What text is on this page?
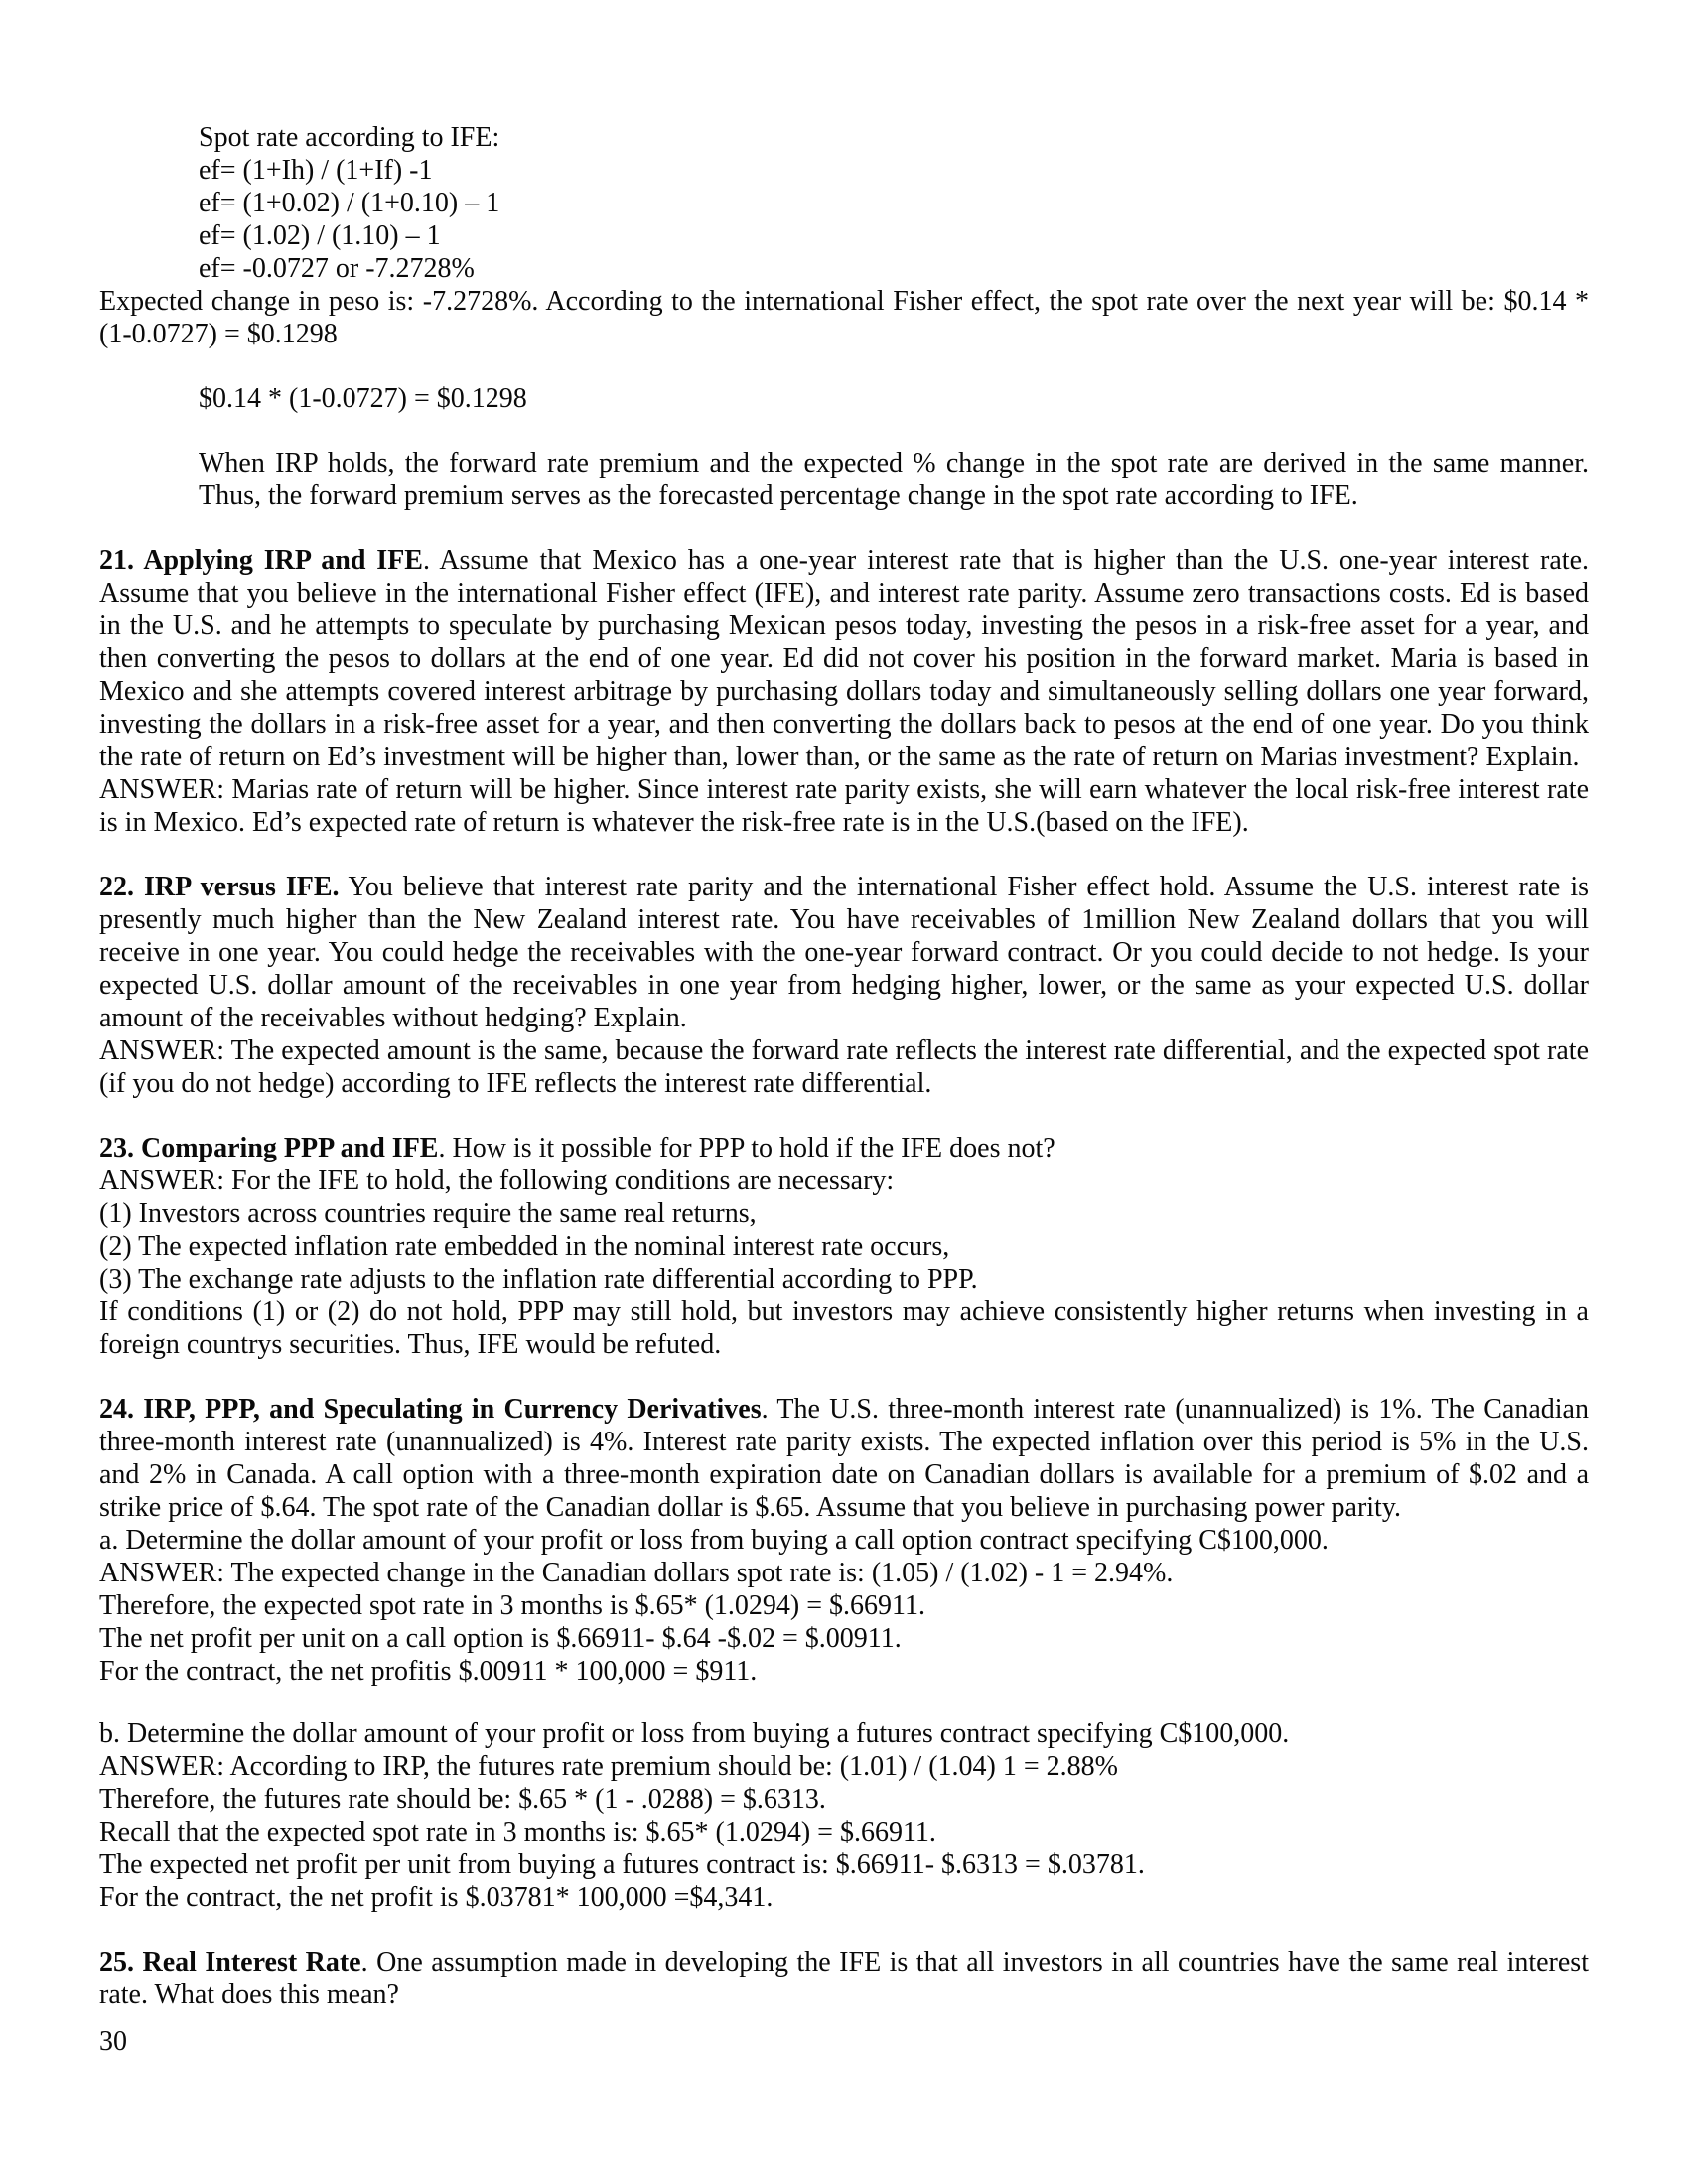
Spot rate according to IFE:
ef= (1+Ih) / (1+If) -1
ef= (1+0.02) / (1+0.10) – 1
ef= (1.02) / (1.10) – 1
ef= -0.0727 or -7.2728%

Expected change in peso is: -7.2728%. According to the international Fisher effect, the spot rate over the next year will be: $0.14 * (1-0.0727) = $0.1298

$0.14 * (1-0.0727) = $0.1298

When IRP holds, the forward rate premium and the expected % change in the spot rate are derived in the same manner. Thus, the forward premium serves as the forecasted percentage change in the spot rate according to IFE.

21. Applying IRP and IFE. Assume that Mexico has a one-year interest rate that is higher than the U.S. one-year interest rate. Assume that you believe in the international Fisher effect (IFE), and interest rate parity. Assume zero transactions costs. Ed is based in the U.S. and he attempts to speculate by purchasing Mexican pesos today, investing the pesos in a risk-free asset for a year, and then converting the pesos to dollars at the end of one year. Ed did not cover his position in the forward market. Maria is based in Mexico and she attempts covered interest arbitrage by purchasing dollars today and simultaneously selling dollars one year forward, investing the dollars in a risk-free asset for a year, and then converting the dollars back to pesos at the end of one year. Do you think the rate of return on Ed’s investment will be higher than, lower than, or the same as the rate of return on Marias investment? Explain.

ANSWER: Marias rate of return will be higher. Since interest rate parity exists, she will earn whatever the local risk-free interest rate is in Mexico. Ed’s expected rate of return is whatever the risk-free rate is in the U.S.(based on the IFE).

22. IRP versus IFE. You believe that interest rate parity and the international Fisher effect hold. Assume the U.S. interest rate is presently much higher than the New Zealand interest rate. You have receivables of 1million New Zealand dollars that you will receive in one year. You could hedge the receivables with the one-year forward contract. Or you could decide to not hedge. Is your expected U.S. dollar amount of the receivables in one year from hedging higher, lower, or the same as your expected U.S. dollar amount of the receivables without hedging? Explain.

ANSWER: The expected amount is the same, because the forward rate reflects the interest rate differential, and the expected spot rate (if you do not hedge) according to IFE reflects the interest rate differential.

23. Comparing PPP and IFE. How is it possible for PPP to hold if the IFE does not?

ANSWER: For the IFE to hold, the following conditions are necessary:

(1) Investors across countries require the same real returns,
(2) The expected inflation rate embedded in the nominal interest rate occurs,
(3) The exchange rate adjusts to the inflation rate differential according to PPP.

If conditions (1) or (2) do not hold, PPP may still hold, but investors may achieve consistently higher returns when investing in a foreign countrys securities. Thus, IFE would be refuted.

24. IRP, PPP, and Speculating in Currency Derivatives. The U.S. three-month interest rate (unannualized) is 1%. The Canadian three-month interest rate (unannualized) is 4%. Interest rate parity exists. The expected inflation over this period is 5% in the U.S. and 2% in Canada. A call option with a three-month expiration date on Canadian dollars is available for a premium of $.02 and a strike price of $.64. The spot rate of the Canadian dollar is $.65. Assume that you believe in purchasing power parity.

a. Determine the dollar amount of your profit or loss from buying a call option contract specifying C$100,000.

ANSWER: The expected change in the Canadian dollars spot rate is: (1.05) / (1.02) - 1 = 2.94%.
Therefore, the expected spot rate in 3 months is $.65* (1.0294) = $.66911.
The net profit per unit on a call option is $.66911- $.64 -$.02 = $.00911.
For the contract, the net profitis $.00911 * 100,000 = $911.

b. Determine the dollar amount of your profit or loss from buying a futures contract specifying C$100,000.

ANSWER: According to IRP, the futures rate premium should be: (1.01) / (1.04) 1 = 2.88%
Therefore, the futures rate should be: $.65 * (1 - .0288) = $.6313.
Recall that the expected spot rate in 3 months is: $.65* (1.0294) = $.66911.
The expected net profit per unit from buying a futures contract is: $.66911- $.6313 = $.03781.
For the contract, the net profit is $.03781* 100,000 =$4,341.

25. Real Interest Rate. One assumption made in developing the IFE is that all investors in all countries have the same real interest rate. What does this mean?

30
